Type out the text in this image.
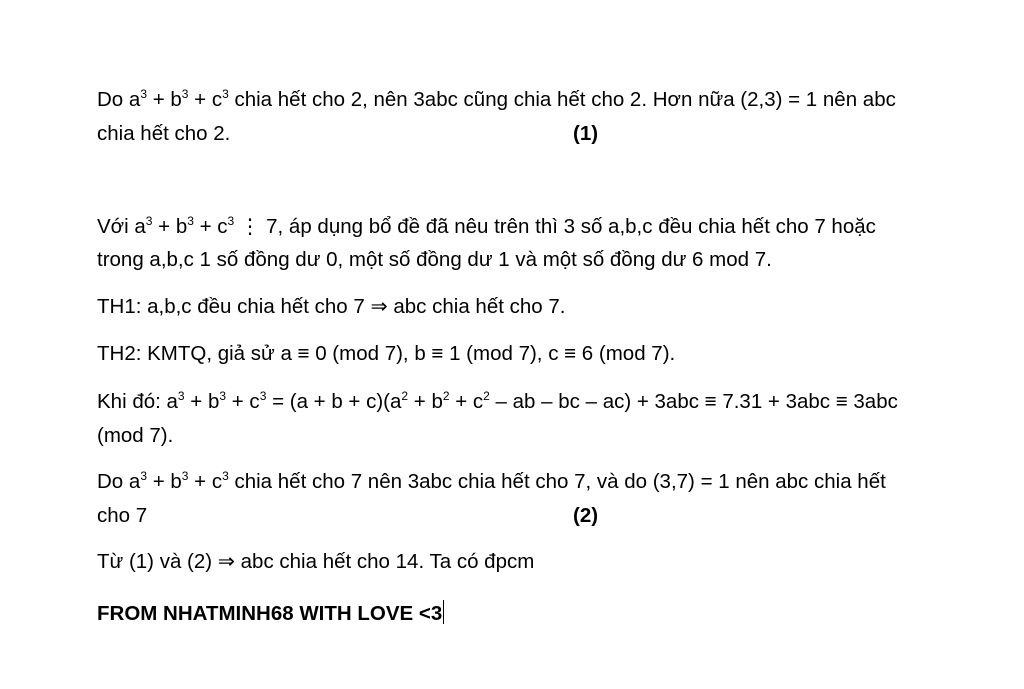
Do $a^3 + b^3 + c^3$ chia hết cho 2, nên 3abc cũng chia hết cho 2. Hơn nữa (2,3) = 1 nên abc
chia hết cho 2.	(1)
Với $a^3 + b^3 + c^3$ ⋮ 7, áp dụng bổ đề đã nêu trên thì 3 số a,b,c đều chia hết cho 7 hoặc
trong a,b,c 1 số đồng dư 0, một số đồng dư 1 và một số đồng dư 6 mod 7.
TH1: a,b,c đều chia hết cho 7 ⇒ abc chia hết cho 7.
TH2: KMTQ, giả sử a ≡ 0 (mod 7), b ≡ 1 (mod 7), c ≡ 6 (mod 7).
Khi đó: $a^3 + b^3 + c^3 = (a + b + c)(a^2 + b^2 + c^2$ – ab – bc – ac) + 3abc ≡ 7.31 + 3abc ≡ 3abc
(mod 7).
Do $a^3 + b^3 + c^3$ chia hết cho 7 nên 3abc chia hết cho 7, và do (3,7) = 1 nên abc chia hết
cho 7	(2)
Từ (1) và (2) ⇒ abc chia hết cho 14. Ta có đpcm
FROM NHATMINH68 WITH LOVE <3
